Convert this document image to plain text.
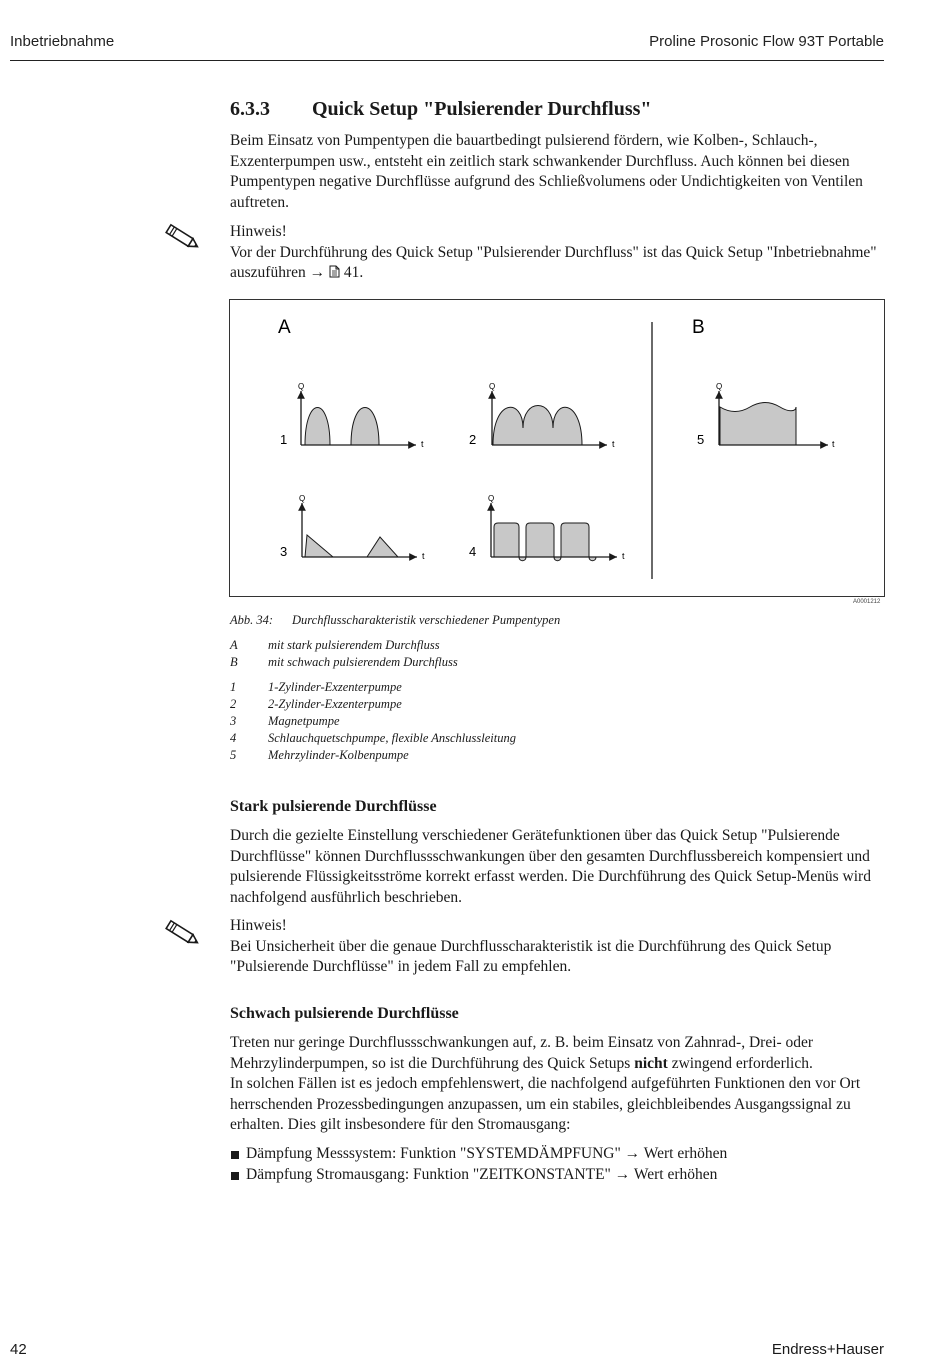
Inbetriebnahme	Proline Prosonic Flow 93T Portable
6.3.3 Quick Setup "Pulsierender Durchfluss"
Beim Einsatz von Pumpentypen die bauartbedingt pulsierend fördern, wie Kolben-, Schlauch-, Exzenterpumpen usw., entsteht ein zeitlich stark schwankender Durchfluss. Auch können bei diesen Pumpentypen negative Durchflüsse aufgrund des Schließvolumens oder Undichtigkeiten von Ventilen auftreten.
Hinweis!
Vor der Durchführung des Quick Setup "Pulsierender Durchfluss" ist das Quick Setup "Inbetriebnahme" auszuführen →  41.
A	B
Q
t
1
Q
t
2
Q
t
5
Q
t
3
Q
t
4
A0001212
Abb. 34: Durchflusscharakteristik verschiedener Pumpentypen
A mit stark pulsierendem Durchfluss
B mit schwach pulsierendem Durchfluss
1	1-Zylinder-Exzenterpumpe
2	2-Zylinder-Exzenterpumpe
3	Magnetpumpe
4	Schlauchquetschpumpe, flexible Anschlussleitung
5	Mehrzylinder-Kolbenpumpe
Stark pulsierende Durchflüsse
Durch die gezielte Einstellung verschiedener Gerätefunktionen über das Quick Setup "Pulsierende Durchflüsse" können Durchflussschwankungen über den gesamten Durchflussbereich kompensiert und pulsierende Flüssigkeitsströme korrekt erfasst werden. Die Durchführung des Quick Setup-Menüs wird nachfolgend ausführlich beschrieben.
Hinweis!
Bei Unsicherheit über die genaue Durchflusscharakteristik ist die Durchführung des Quick Setup "Pulsierende Durchflüsse" in jedem Fall zu empfehlen.
Schwach pulsierende Durchflüsse
Treten nur geringe Durchflussschwankungen auf, z. B. beim Einsatz von Zahnrad-, Drei- oder Mehrzylinderpumpen, so ist die Durchführung des Quick Setups nicht zwingend erforderlich.
In solchen Fällen ist es jedoch empfehlenswert, die nachfolgend aufgeführten Funktionen den vor Ort herrschenden Prozessbedingungen anzupassen, um ein stabiles, gleichbleibendes Ausgangssignal zu erhalten. Dies gilt insbesondere für den Stromausgang:
Dämpfung Messsystem: Funktion "SYSTEMDÄMPFUNG" → Wert erhöhen
Dämpfung Stromausgang: Funktion "ZEITKONSTANTE" → Wert erhöhen
42	Endress+Hauser
